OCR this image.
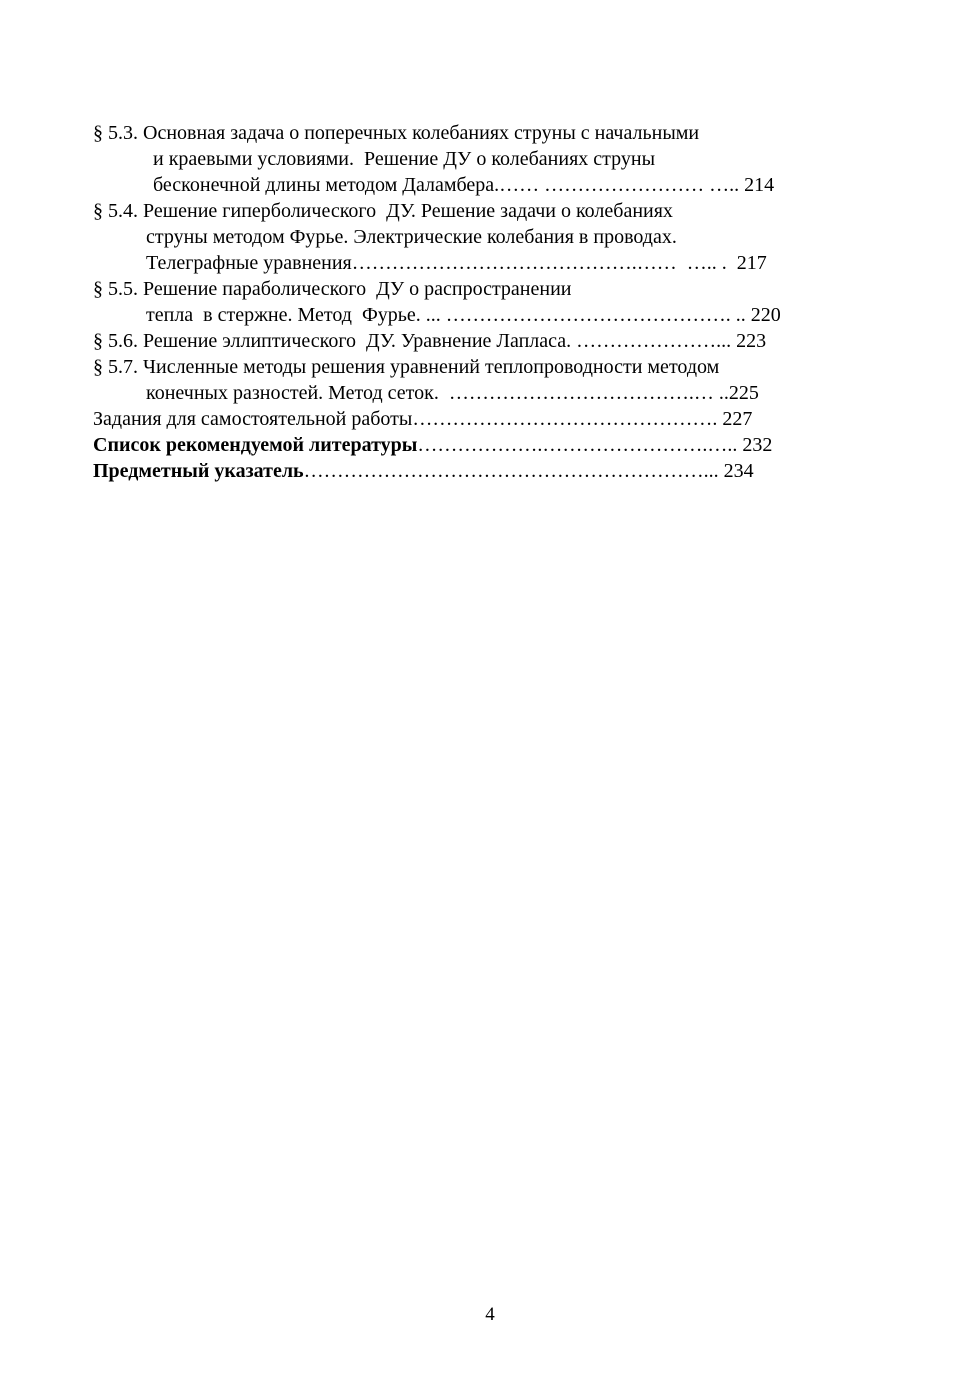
§ 5.3. Основная задача о поперечных колебаниях струны с начальными
и краевыми условиями.  Решение ДУ о колебаниях струны
бесконечной длины методом Даламбера.…… …………………… ….. 214
§ 5.4. Решение гиперболического  ДУ. Решение задачи о колебаниях
струны методом Фурье. Электрические колебания в проводах.
Телеграфные уравнения…………………………………….……  ….. .  217
§ 5.5. Решение параболического  ДУ о распространении
тепла  в стержне. Метод  Фурье. ... ……………………………………. .. 220
§ 5.6. Решение эллиптического  ДУ. Уравнение Лапласа. …………………... 223
§ 5.7. Численные методы решения уравнений теплопроводности методом
конечных разностей. Метод сеток.  ……………………………….… ..225
Задания для самостоятельной работы………………………………………. 227
Список рекомендуемой литературы……………….…………………….….. 232
Предметный указатель……………………………………………………... 234
4
